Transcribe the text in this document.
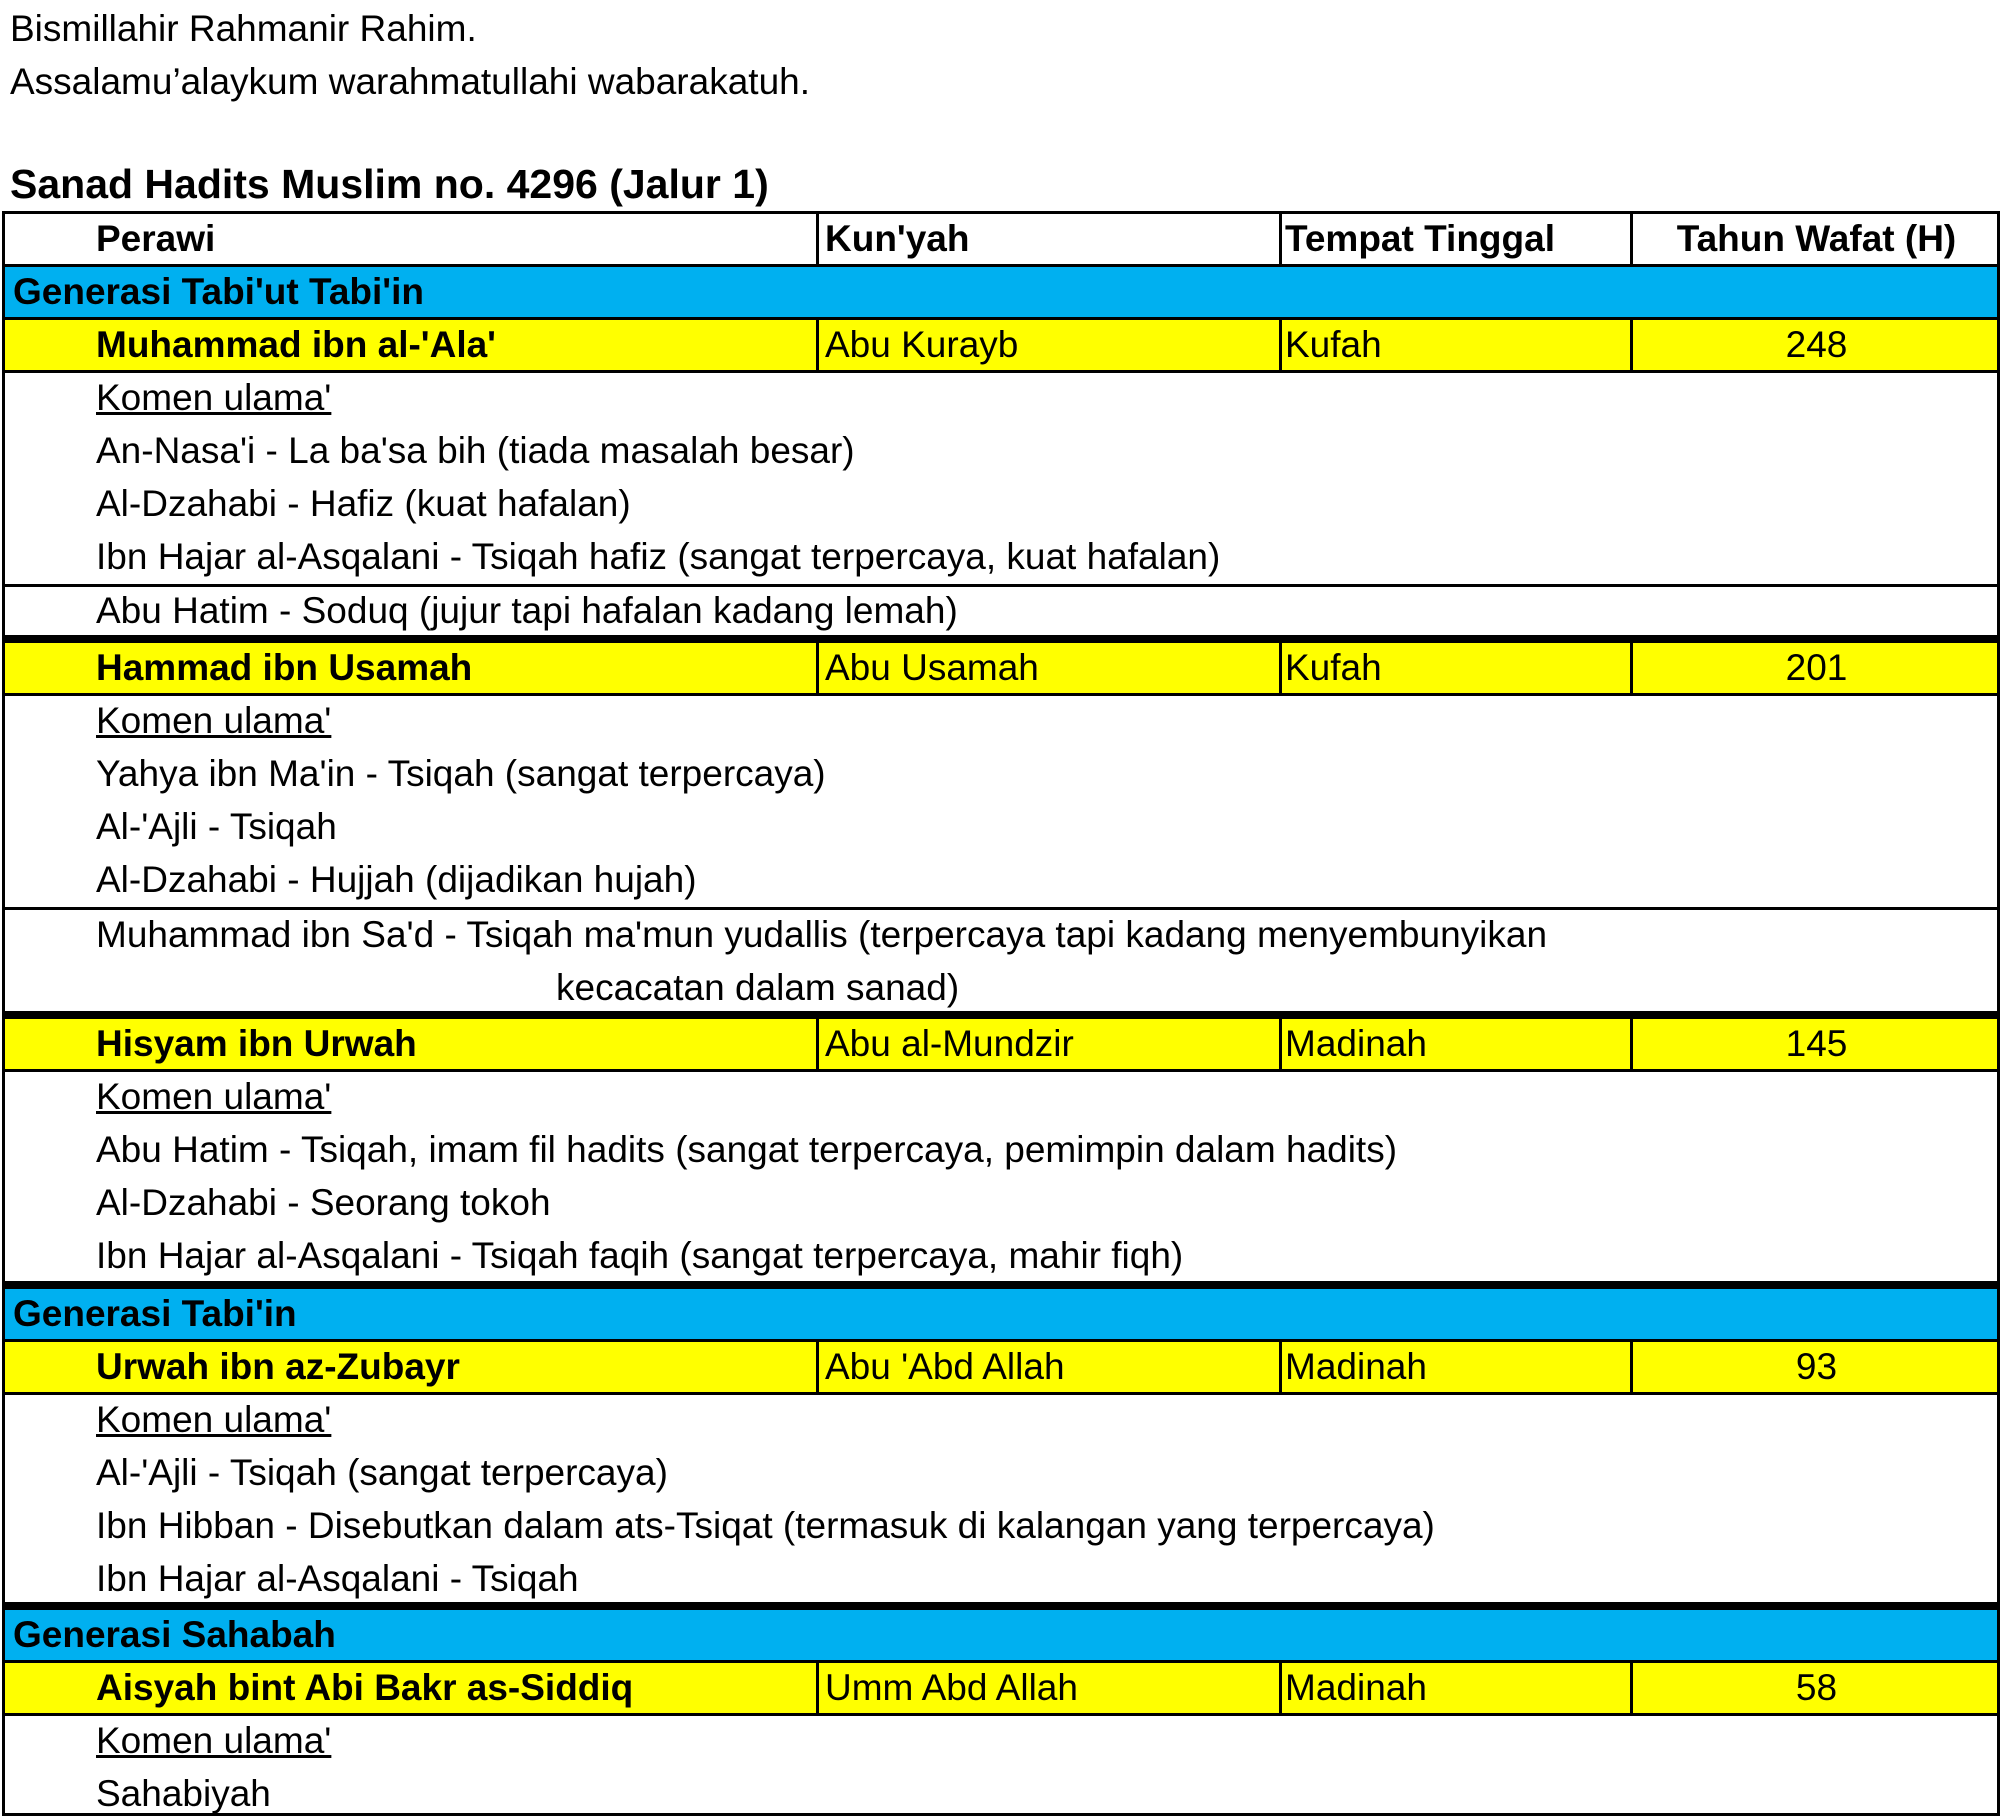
Bismillahir Rahmanir Rahim.
Assalamu’alaykum warahmatullahi wabarakatuh.
Sanad Hadits Muslim no. 4296 (Jalur 1)
Perawi	Kun'yah	Tempat Tinggal	Tahun Wafat (H)
Generasi Tabi'ut Tabi'in
Muhammad ibn al-'Ala'	Abu Kurayb	Kufah	248
Komen ulama'
An-Nasa'i - La ba'sa bih (tiada masalah besar)
Al-Dzahabi - Hafiz (kuat hafalan)
Ibn Hajar al-Asqalani - Tsiqah hafiz (sangat terpercaya, kuat hafalan)
Abu Hatim - Soduq (jujur tapi hafalan kadang lemah)
Hammad ibn Usamah	Abu Usamah	Kufah	201
Komen ulama'
Yahya ibn Ma'in - Tsiqah (sangat terpercaya)
Al-'Ajli - Tsiqah
Al-Dzahabi - Hujjah (dijadikan hujah)
Muhammad ibn Sa'd - Tsiqah ma'mun yudallis (terpercaya tapi kadang menyembunyikan
kecacatan dalam sanad)
Hisyam ibn Urwah	Abu al-Mundzir	Madinah	145
Komen ulama'
Abu Hatim - Tsiqah, imam fil hadits (sangat terpercaya, pemimpin dalam hadits)
Al-Dzahabi - Seorang tokoh
Ibn Hajar al-Asqalani - Tsiqah faqih (sangat terpercaya, mahir fiqh)
Generasi Tabi'in
Urwah ibn az-Zubayr	Abu 'Abd Allah	Madinah	93
Komen ulama'
Al-'Ajli - Tsiqah (sangat terpercaya)
Ibn Hibban - Disebutkan dalam ats-Tsiqat (termasuk di kalangan yang terpercaya)
Ibn Hajar al-Asqalani - Tsiqah
Generasi Sahabah
Aisyah bint Abi Bakr as-Siddiq	Umm Abd Allah	Madinah	58
Komen ulama'
Sahabiyah
